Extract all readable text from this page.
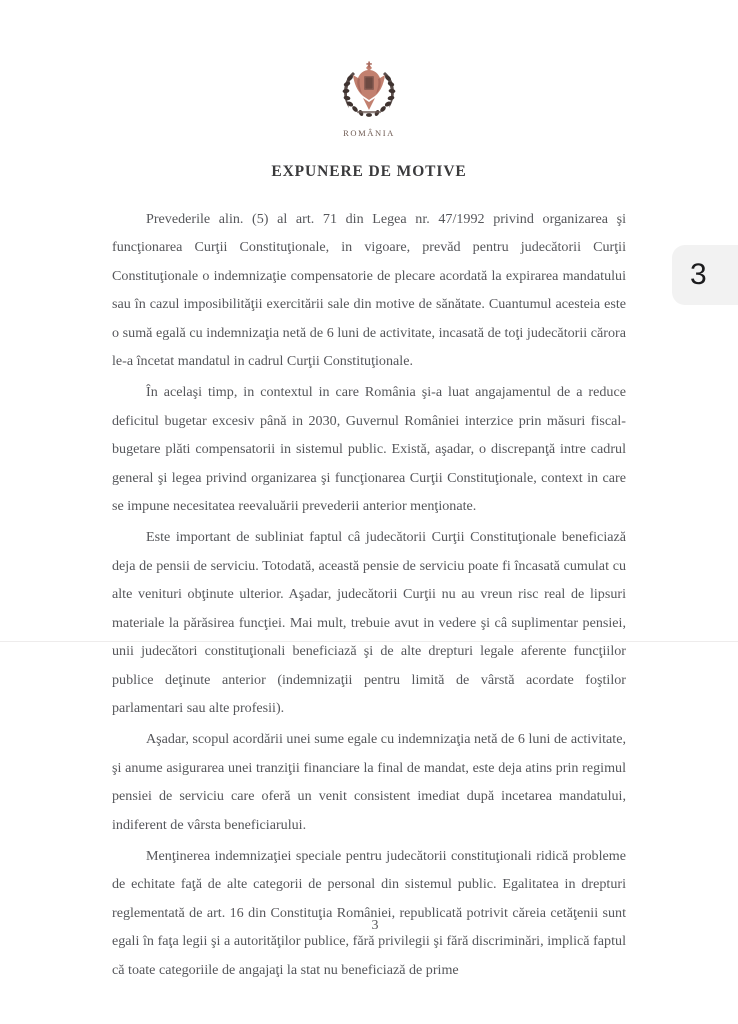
ROMÂNIA
EXPUNERE DE MOTIVE

Prevederile alin. (5) al art. 71 din Legea nr. 47/1992 privind organizarea şi funcţionarea Curţii Constituţionale, in vigoare, prevăd pentru judecătorii Curţii Constituţionale o indemnizaţie compensatorie de plecare acordată la expirarea mandatului sau în cazul imposibilităţii exercitării sale din motive de sănătate. Cuantumul acesteia este o sumă egală cu indemnizaţia netă de 6 luni de activitate, incasată de toţi judecătorii cărora le-a încetat mandatul in cadrul Curţii Constituţionale.

În acelaşi timp, in contextul in care România şi-a luat angajamentul de a reduce deficitul bugetar excesiv până in 2030, Guvernul României interzice prin măsuri fiscal-bugetare plăti compensatorii in sistemul public. Există, aşadar, o discrepanţă intre cadrul general şi legea privind organizarea şi funcţionarea Curţii Constituţionale, context in care se impune necesitatea reevaluării prevederii anterior menţionate.

Este important de subliniat faptul câ judecătorii Curţii Constituţionale beneficiază deja de pensii de serviciu. Totodată, această pensie de serviciu poate fi încasată cumulat cu alte venituri obţinute ulterior. Aşadar, judecătorii Curţii nu au vreun risc real de lipsuri materiale la părăsirea funcţiei. Mai mult, trebuie avut in vedere şi câ suplimentar pensiei, unii judecători constituţionali beneficiază şi de alte drepturi legale aferente funcţiilor publice deţinute anterior (indemnizaţii pentru limită de vârstă acordate foştilor parlamentari sau alte profesii).

Aşadar, scopul acordării unei sume egale cu indemnizaţia netă de 6 luni de activitate, şi anume asigurarea unei tranziţii financiare la final de mandat, este deja atins prin regimul pensiei de serviciu care oferă un venit consistent imediat după incetarea mandatului, indiferent de vârsta beneficiarului.

Menţinerea indemnizaţiei speciale pentru judecătorii constituţionali ridică probleme de echitate faţă de alte categorii de personal din sistemul public. Egalitatea in drepturi reglementată de art. 16 din Constituţia României, republicată potrivit căreia cetăţenii sunt egali în faţa legii şi a autorităţilor publice, fără privilegii şi fără discriminări, implică faptul că toate categoriile de angajaţi la stat nu beneficiază de prime

3
3
